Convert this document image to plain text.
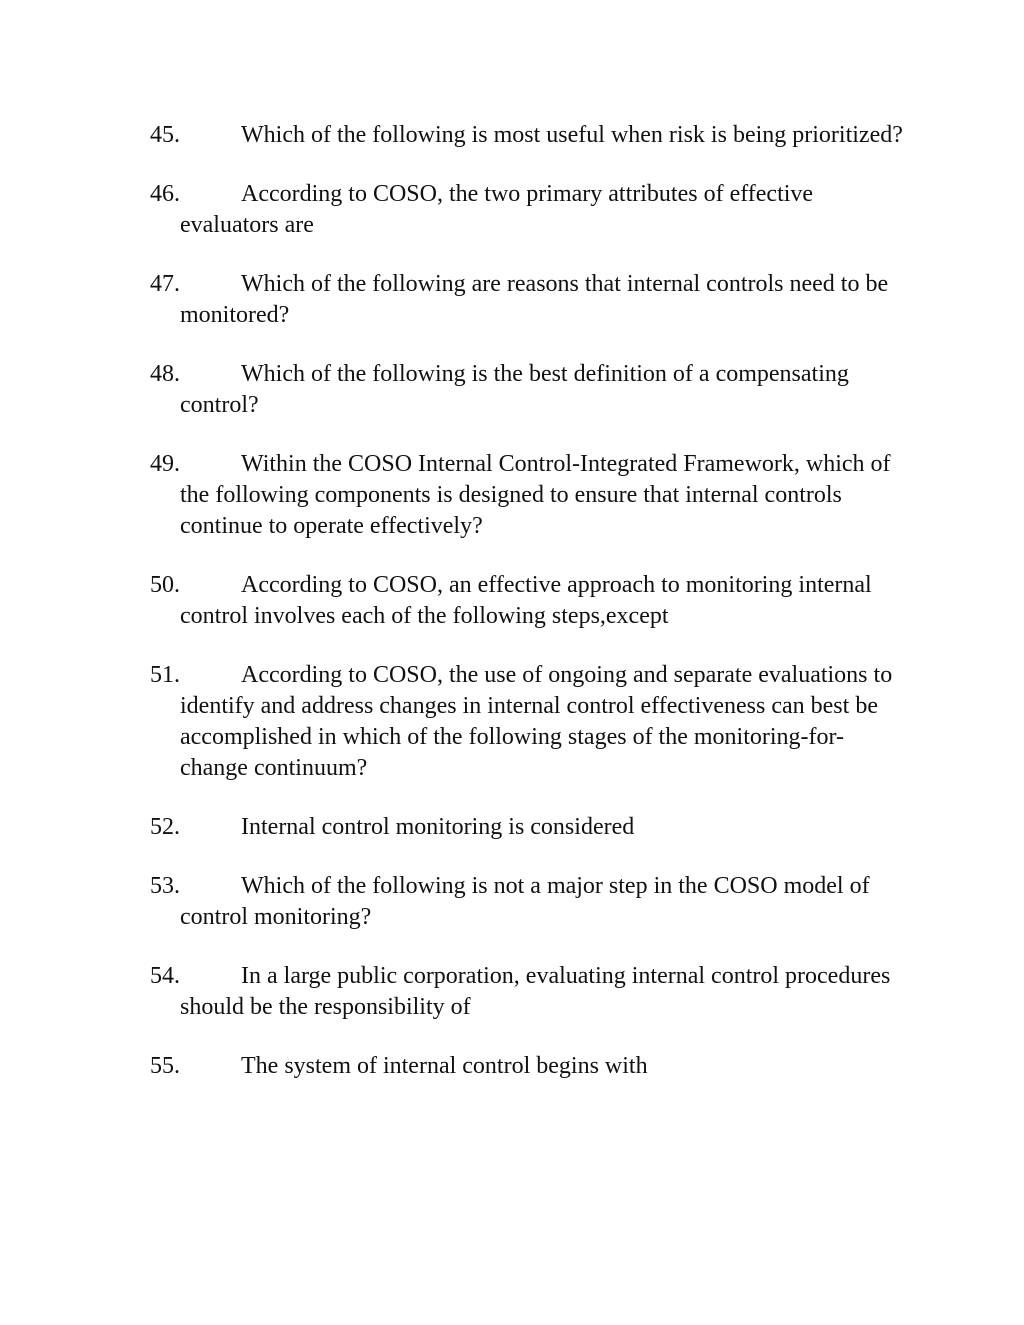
45.	Which of the following is most useful when risk is being prioritized?
46.	According to COSO, the two primary attributes of effective evaluators are
47.	Which of the following are reasons that internal controls need to be monitored?
48.	Which of the following is the best definition of a compensating control?
49.	Within the COSO Internal Control-Integrated Framework, which of the following components is designed to ensure that internal controls continue to operate effectively?
50.	According to COSO, an effective approach to monitoring internal control involves each of the following steps,except
51.	According to COSO, the use of ongoing and separate evaluations to identify and address changes in internal control effectiveness can best be accomplished in which of the following stages of the monitoring-for-change continuum?
52.	Internal control monitoring is considered
53.	Which of the following is not a major step in the COSO model of control monitoring?
54.	In a large public corporation, evaluating internal control procedures should be the responsibility of
55.	The system of internal control begins with
